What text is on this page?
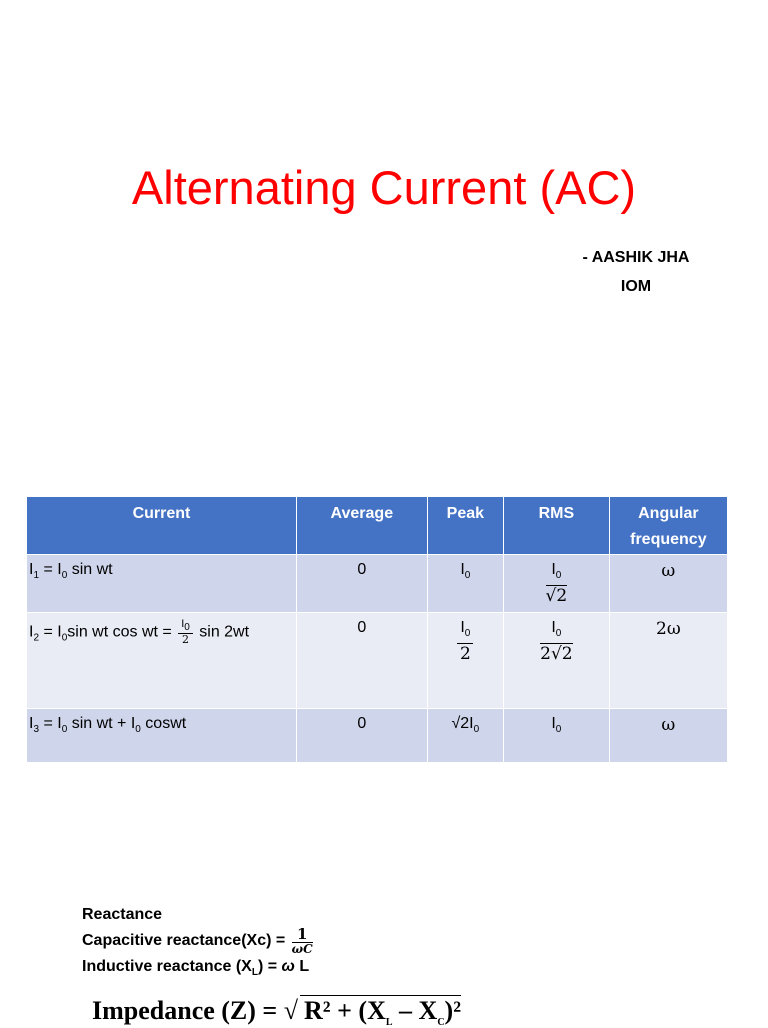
Alternating Current (AC)
- AASHIK JHA
IOM
Current	Average	Peak	RMS	Angular frequency
$I_1 = I_0$ sin wt	0	$I_0$	$\frac{I_0}{√2}$	ω
$I_2 = I_0\sin$ wt cos wt = $\frac{I_0}{2}$ sin 2wt	0	$\frac{I_0}{2}$	$\frac{I_0}{2√2}$	2ω
$I_3 = I_0$ sin wt + $I_0$ coswt	0	$√2I_0$	$I_0$	ω
Reactance
Capacitive reactance(Xc) = $\frac{1}{\omega C}$
Inductive reactance $(X_L) = \omega$ L
Impedance (Z) = √ $R^2 + (X_L - X_C)^2$
